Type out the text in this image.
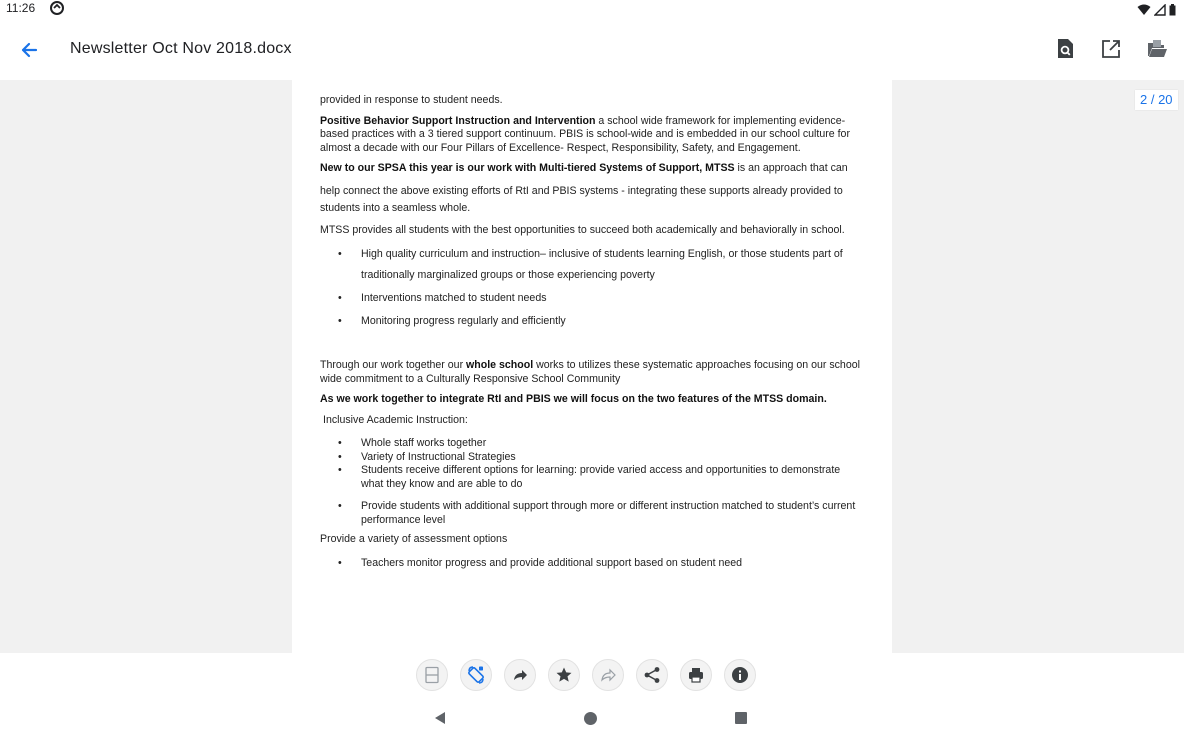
11:26
Newsletter Oct Nov 2018.docx

provided in response to student needs.

Positive Behavior Support Instruction and Intervention a school wide framework for implementing evidence-based practices with a 3 tiered support continuum. PBIS is school-wide and is embedded in our school culture for almost a decade with our Four Pillars of Excellence- Respect, Responsibility, Safety, and Engagement.

New to our SPSA this year is our work with Multi-tiered Systems of Support, MTSS is an approach that can

help connect the above existing efforts of RtI and PBIS systems - integrating these supports already provided to students into a seamless whole.

MTSS provides all students with the best opportunities to succeed both academically and behaviorally in school.

• High quality curriculum and instruction– inclusive of students learning English, or those students part of traditionally marginalized groups or those experiencing poverty
• Interventions matched to student needs
• Monitoring progress regularly and efficiently

Through our work together our whole school works to utilizes these systematic approaches focusing on our school wide commitment to a Culturally Responsive School Community

As we work together to integrate RtI and PBIS we will focus on the two features of the MTSS domain.

Inclusive Academic Instruction:

• Whole staff works together
• Variety of Instructional Strategies
• Students receive different options for learning: provide varied access and opportunities to demonstrate what they know and are able to do
• Provide students with additional support through more or different instruction matched to student’s current performance level

Provide a variety of assessment options

• Teachers monitor progress and provide additional support based on student need
2 / 20
